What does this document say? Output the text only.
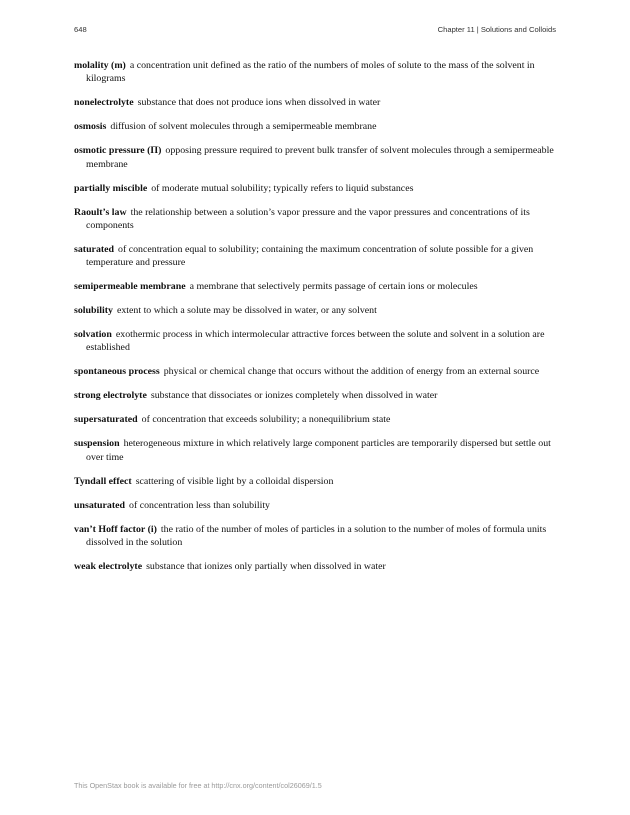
648	Chapter 11 | Solutions and Colloids

molality (m) a concentration unit defined as the ratio of the numbers of moles of solute to the mass of the solvent in kilograms

nonelectrolyte substance that does not produce ions when dissolved in water

osmosis diffusion of solvent molecules through a semipermeable membrane

osmotic pressure (Π) opposing pressure required to prevent bulk transfer of solvent molecules through a semipermeable membrane

partially miscible of moderate mutual solubility; typically refers to liquid substances

Raoult’s law the relationship between a solution’s vapor pressure and the vapor pressures and concentrations of its components

saturated of concentration equal to solubility; containing the maximum concentration of solute possible for a given temperature and pressure

semipermeable membrane a membrane that selectively permits passage of certain ions or molecules

solubility extent to which a solute may be dissolved in water, or any solvent

solvation exothermic process in which intermolecular attractive forces between the solute and solvent in a solution are established

spontaneous process physical or chemical change that occurs without the addition of energy from an external source

strong electrolyte substance that dissociates or ionizes completely when dissolved in water

supersaturated of concentration that exceeds solubility; a nonequilibrium state

suspension heterogeneous mixture in which relatively large component particles are temporarily dispersed but settle out over time

Tyndall effect scattering of visible light by a colloidal dispersion

unsaturated of concentration less than solubility

van’t Hoff factor (i) the ratio of the number of moles of particles in a solution to the number of moles of formula units dissolved in the solution

weak electrolyte substance that ionizes only partially when dissolved in water

This OpenStax book is available for free at http://cnx.org/content/col26069/1.5
